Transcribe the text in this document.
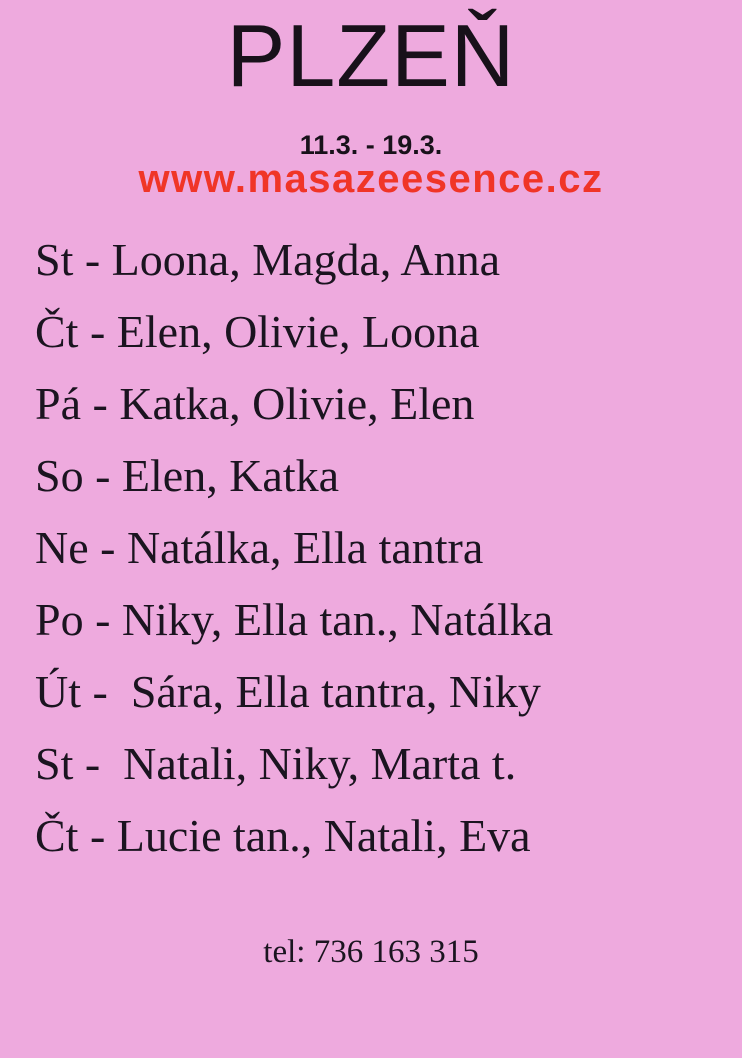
PLZEŇ
11.3. - 19.3.
www.masazeesence.cz
St - Loona, Magda, Anna
Čt - Elen, Olivie, Loona
Pá - Katka, Olivie, Elen
So - Elen, Katka
Ne - Natálka, Ella tantra
Po - Niky, Ella tan., Natálka
Út -  Sára, Ella tantra, Niky
St -  Natali, Niky, Marta t.
Čt - Lucie tan., Natali, Eva
tel: 736 163 315
